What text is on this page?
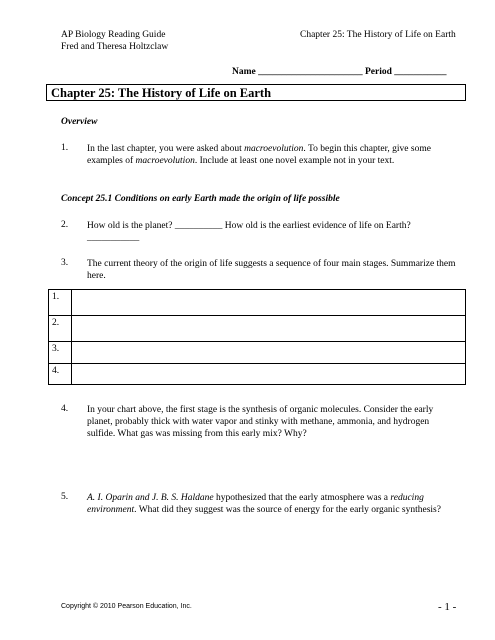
AP Biology Reading Guide
Fred and Theresa Holtzclaw
Chapter 25: The History of Life on Earth
Name ______________________ Period ___________
Chapter 25: The History of Life on Earth
Overview
1. In the last chapter, you were asked about macroevolution. To begin this chapter, give some
examples of macroevolution. Include at least one novel example not in your text.
Concept 25.1 Conditions on early Earth made the origin of life possible
2. How old is the planet? __________ How old is the earliest evidence of life on Earth?
___________
3. The current theory of the origin of life suggests a sequence of four main stages. Summarize them
here.
1.
2.
3.
4.
4. In your chart above, the first stage is the synthesis of organic molecules. Consider the early
planet, probably thick with water vapor and stinky with methane, ammonia, and hydrogen
sulfide. What gas was missing from this early mix? Why?
5. A. I. Oparin and J. B. S. Haldane hypothesized that the early atmosphere was a reducing
environment. What did they suggest was the source of energy for the early organic synthesis?
Copyright © 2010 Pearson Education, Inc.	- 1 -
